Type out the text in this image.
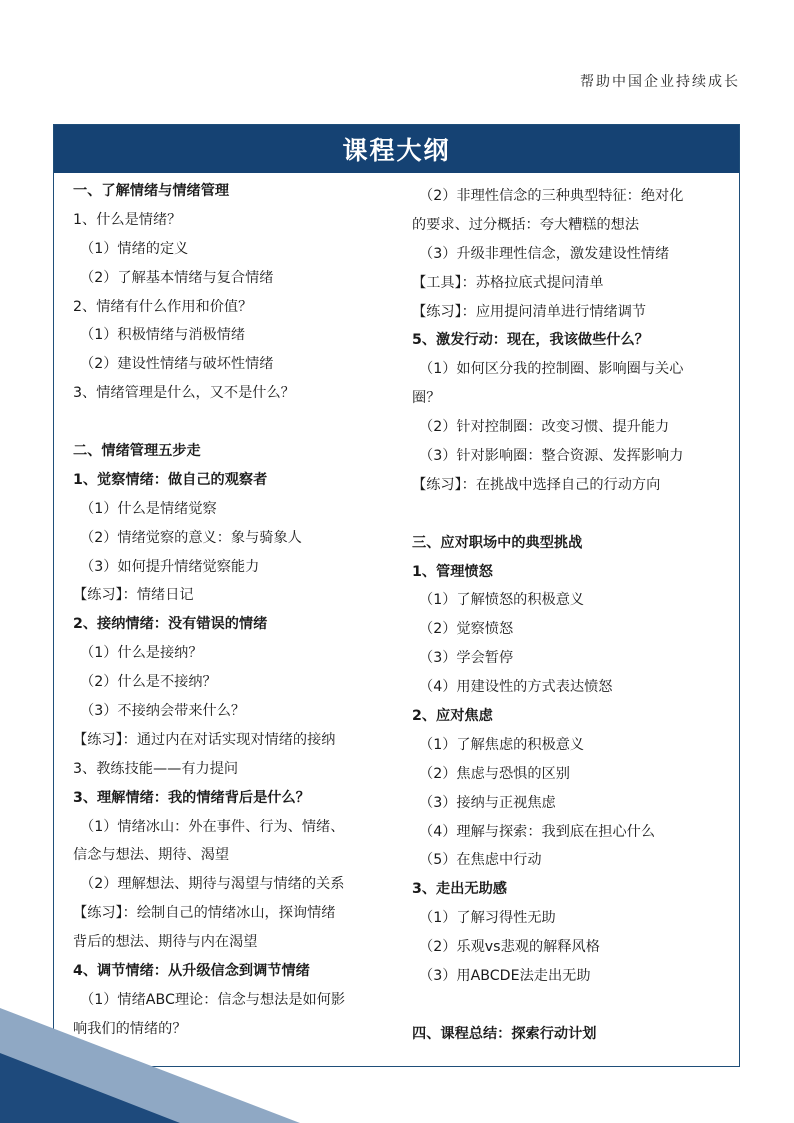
帮助中国企业持续成长
课程大纲
一、了解情绪与情绪管理
1、什么是情绪？
（1）情绪的定义
（2）了解基本情绪与复合情绪
2、情绪有什么作用和价值？
（1）积极情绪与消极情绪
（2）建设性情绪与破坏性情绪
3、情绪管理是什么，又不是什么？
二、情绪管理五步走
1、觉察情绪：做自己的观察者
（1）什么是情绪觉察
（2）情绪觉察的意义：象与骑象人
（3）如何提升情绪觉察能力
【练习】：情绪日记
2、接纳情绪：没有错误的情绪
（1）什么是接纳？
（2）什么是不接纳？
（3）不接纳会带来什么？
【练习】：通过内在对话实现对情绪的接纳
3、教练技能——有力提问
3、理解情绪：我的情绪背后是什么？
（1）情绪冰山：外在事件、行为、情绪、
信念与想法、期待、渴望
（2）理解想法、期待与渴望与情绪的关系
【练习】：绘制自己的情绪冰山，探询情绪
背后的想法、期待与内在渴望
4、调节情绪：从升级信念到调节情绪
（1）情绪ABC理论：信念与想法是如何影
响我们的情绪的？
（2）非理性信念的三种典型特征：绝对化
的要求、过分概括：夸大糟糕的想法
（3）升级非理性信念，激发建设性情绪
【工具】：苏格拉底式提问清单
【练习】：应用提问清单进行情绪调节
5、激发行动：现在，我该做些什么？
（1）如何区分我的控制圈、影响圈与关心
圈？
（2）针对控制圈：改变习惯、提升能力
（3）针对影响圈：整合资源、发挥影响力
【练习】：在挑战中选择自己的行动方向
三、应对职场中的典型挑战
1、管理愤怒
（1）了解愤怒的积极意义
（2）觉察愤怒
（3）学会暂停
（4）用建设性的方式表达愤怒
2、应对焦虑
（1）了解焦虑的积极意义
（2）焦虑与恐惧的区别
（3）接纳与正视焦虑
（4）理解与探索：我到底在担心什么
（5）在焦虑中行动
3、走出无助感
（1）了解习得性无助
（2）乐观vs悲观的解释风格
（3）用ABCDE法走出无助
四、课程总结：探索行动计划
